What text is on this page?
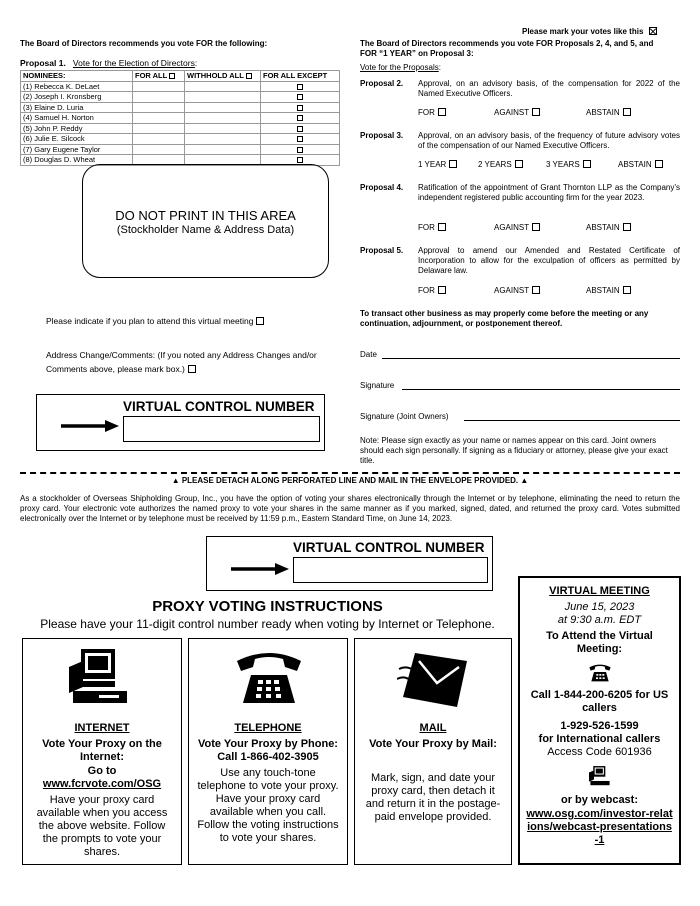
Please mark your votes like this
The Board of Directors recommends you vote FOR the following:
Proposal 1. Vote for the Election of Directors:
NOMINEES:	FOR ALL	WITHHOLD ALL	FOR ALL EXCEPT
(1) Rebecca K. DeLaet			
(2) Joseph I. Kronsberg			
(3) Elaine D. Luria			
(4) Samuel H. Norton			
(5) John P. Reddy			
(6) Julie E. Silcock			
(7) Gary Eugene Taylor			
(8) Douglas D. Wheat			
DO NOT PRINT IN THIS AREA
(Stockholder Name & Address Data)
Please indicate if you plan to attend this virtual meeting
Address Change/Comments: (If you noted any Address Changes and/or Comments above, please mark box.)
VIRTUAL CONTROL NUMBER
The Board of Directors recommends you vote FOR Proposals 2, 4, and 5, and
FOR “1 YEAR” on Proposal 3:
Vote for the Proposals:
Proposal 2. Approval, on an advisory basis, of the compensation for 2022 of the Named Executive Officers.
FOR	AGAINST	ABSTAIN
Proposal 3. Approval, on an advisory basis, of the frequency of future advisory votes of the compensation of our Named Executive Officers.
1 YEAR	2 YEARS	3 YEARS	ABSTAIN
Proposal 4. Ratification of the appointment of Grant Thornton LLP as the Company’s independent registered public accounting firm for the year 2023.
FOR	AGAINST	ABSTAIN
Proposal 5. Approval to amend our Amended and Restated Certificate of Incorporation to allow for the exculpation of officers as permitted by Delaware law.
FOR	AGAINST	ABSTAIN
To transact other business as may properly come before the meeting or any continuation, adjournment, or postponement thereof.
Date
Signature
Signature (Joint Owners)
Note: Please sign exactly as your name or names appear on this card. Joint owners should each sign personally. If signing as a fiduciary or attorney, please give your exact title.
▲ PLEASE DETACH ALONG PERFORATED LINE AND MAIL IN THE ENVELOPE PROVIDED. ▲
As a stockholder of Overseas Shipholding Group, Inc., you have the option of voting your shares electronically through the Internet or by telephone, eliminating the need to return the proxy card. Your electronic vote authorizes the named proxy to vote your shares in the same manner as if you marked, signed, dated, and returned the proxy card. Votes submitted electronically over the Internet or by telephone must be received by 11:59 p.m., Eastern Standard Time, on June 14, 2023.
VIRTUAL CONTROL NUMBER
PROXY VOTING INSTRUCTIONS
Please have your 11-digit control number ready when voting by Internet or Telephone.
INTERNET
Vote Your Proxy on the Internet:
Go to
www.fcrvote.com/OSG
Have your proxy card available when you access the above website. Follow the prompts to vote your shares.
TELEPHONE
Vote Your Proxy by Phone:
Call 1-866-402-3905
Use any touch-tone telephone to vote your proxy. Have your proxy card available when you call. Follow the voting instructions to vote your shares.
MAIL
Vote Your Proxy by Mail:
Mark, sign, and date your proxy card, then detach it and return it in the postage-paid envelope provided.
VIRTUAL MEETING
June 15, 2023
at 9:30 a.m. EDT
To Attend the Virtual Meeting:
Call 1-844-200-6205 for US callers
1-929-526-1599
for International callers
Access Code 601936
or by webcast:
www.osg.com/investor-relations/webcast-presentations-1
